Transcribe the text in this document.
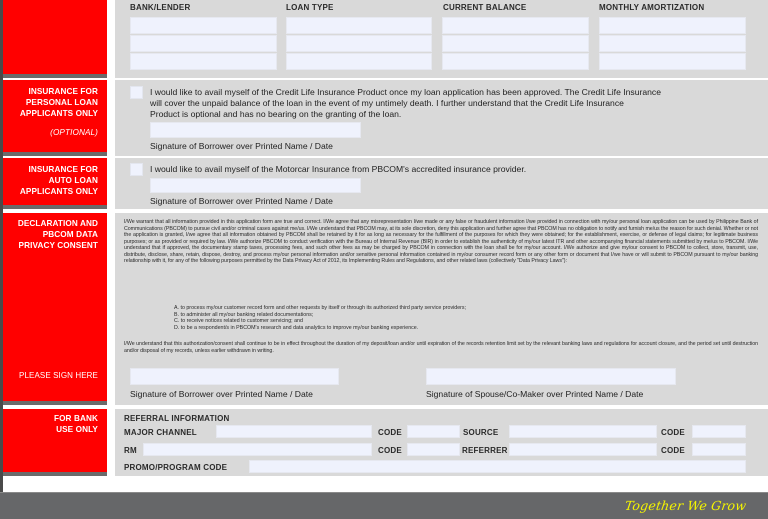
BANK/LENDER	LOAN TYPE	CURRENT BALANCE	MONTHLY AMORTIZATION
INSURANCE FOR
PERSONAL LOAN
APPLICANTS ONLY
(OPTIONAL)
I would like to avail myself of the Credit Life Insurance Product once my loan application has been approved. The Credit Life Insurance
will cover the unpaid balance of the loan in the event of my untimely death. I further understand that the Credit Life Insurance
Product is optional and has no bearing on the granting of the loan.
Signature of Borrower over Printed Name / Date
INSURANCE FOR
AUTO LOAN
APPLICANTS ONLY
I would like to avail myself of the Motorcar Insurance from PBCOM's accredited insurance provider.
Signature of Borrower over Printed Name / Date
DECLARATION AND
PBCOM DATA
PRIVACY CONSENT
PLEASE SIGN HERE
I/We warrant that all information provided in this application form are true and correct. I/We agree that any misrepresentation I/we made or any false or fraudulent information I/we provided in connection with my/our personal loan application can be used by Philippine Bank of Communications (PBCOM) to pursue civil and/or criminal cases against me/us. I/We understand that PBCOM may, at its sole discretion, deny this application and further agree that PBCOM has no obligation to notify and furnish me/us the reason for such denial. Whether or not the application is granted, I/we agree that all information obtained by PBCOM shall be retained by it for as long as necessary for the fulfillment of the purposes for which they were obtained; for the establishment, exercise, or defense of legal claims; for legitimate business purposes; or as provided or required by law. I/We authorize PBCOM to conduct verification with the Bureau of Internal Revenue (BIR) in order to establish the authenticity of my/our latest ITR and other accompanying financial statements submitted by me/us to PBCOM. I/We understand that if approved, the documentary stamp taxes, processing fees, and such other fees as may be charged by PBCOM in connection with the loan shall be for my/our account. I/We authorize and give my/our consent to PBCOM to collect, store, transmit, use, distribute, disclose, share, retain, dispose, destroy, and process my/our personal information and/or sensitive personal information contained in my/our consumer record form or any other form or document that I/we have or will submit to PBCOM pursuant to my/our banking relationship with it, for any of the following purposes permitted by the Data Privacy Act of 2012, its Implementing Rules and Regulations, and other related laws (collectively "Data Privacy Laws"):
A. to process my/our customer record form and other requests by itself or through its authorized third party service providers;
B. to administer all my/our banking related documentations;
C. to receive notices related to customer servicing; and
D. to be a respondent/s in PBCOM's research and data analytics to improve my/our banking experience.
I/We understand that this authorization/consent shall continue to be in effect throughout the duration of my deposit/loan and/or until expiration of the records retention limit set by the relevant banking laws and regulations for account closure, and the period set until destruction and/or disposal of my records, unless earlier withdrawn in writing.
Signature of Borrower over Printed Name / Date	Signature of Spouse/Co-Maker over Printed Name / Date
FOR BANK
USE ONLY
REFERRAL INFORMATION
MAJOR CHANNEL	CODE	SOURCE	CODE
RM	CODE	REFERRER	CODE
PROMO/PROGRAM CODE
Together We Grow
